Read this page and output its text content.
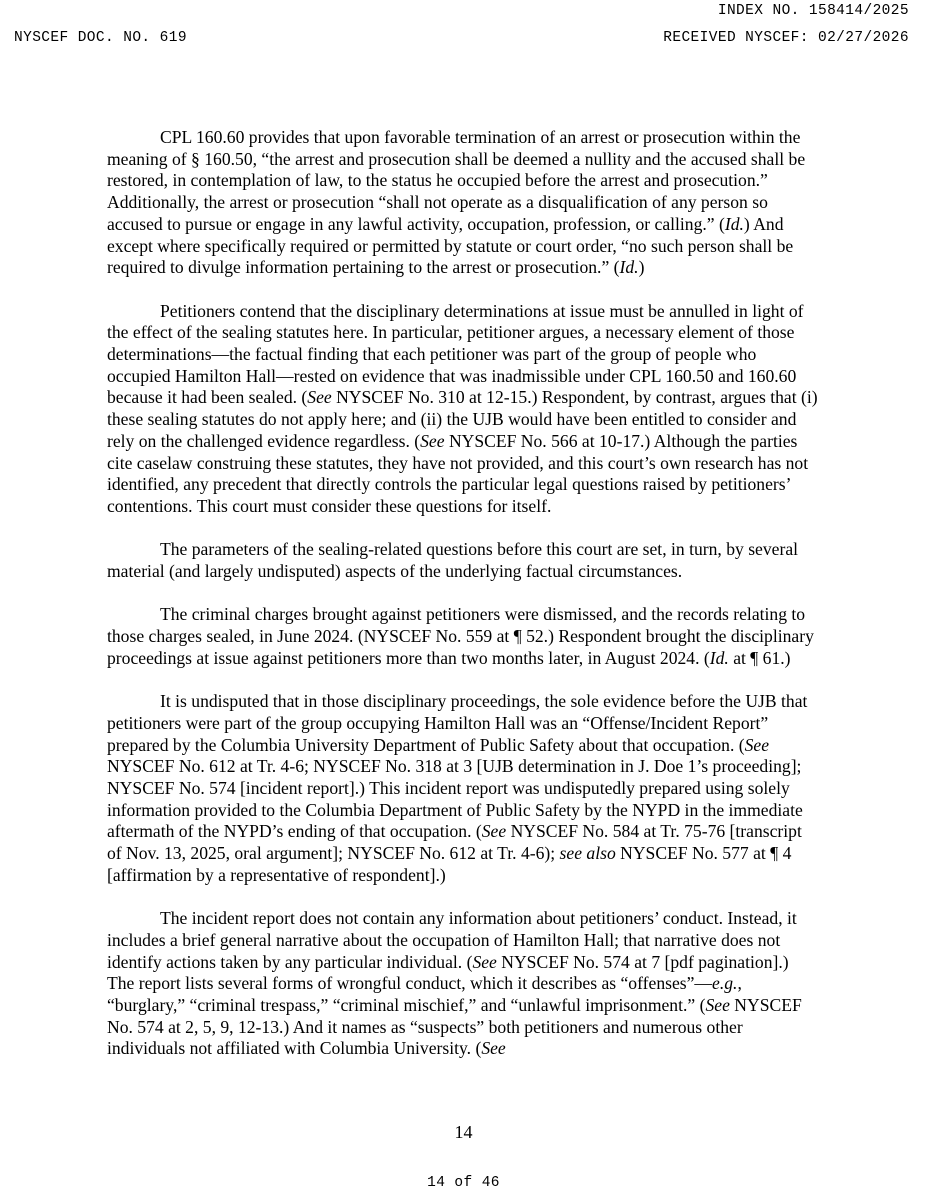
INDEX NO. 158414/2025
NYSCEF DOC. NO. 619	RECEIVED NYSCEF: 02/27/2026

CPL 160.60 provides that upon favorable termination of an arrest or prosecution within the meaning of § 160.50, “the arrest and prosecution shall be deemed a nullity and the accused shall be restored, in contemplation of law, to the status he occupied before the arrest and prosecution.” Additionally, the arrest or prosecution “shall not operate as a disqualification of any person so accused to pursue or engage in any lawful activity, occupation, profession, or calling.” (Id.) And except where specifically required or permitted by statute or court order, “no such person shall be required to divulge information pertaining to the arrest or prosecution.” (Id.)

Petitioners contend that the disciplinary determinations at issue must be annulled in light of the effect of the sealing statutes here. In particular, petitioner argues, a necessary element of those determinations—the factual finding that each petitioner was part of the group of people who occupied Hamilton Hall—rested on evidence that was inadmissible under CPL 160.50 and 160.60 because it had been sealed. (See NYSCEF No. 310 at 12-15.) Respondent, by contrast, argues that (i) these sealing statutes do not apply here; and (ii) the UJB would have been entitled to consider and rely on the challenged evidence regardless. (See NYSCEF No. 566 at 10-17.) Although the parties cite caselaw construing these statutes, they have not provided, and this court’s own research has not identified, any precedent that directly controls the particular legal questions raised by petitioners’ contentions. This court must consider these questions for itself.

The parameters of the sealing-related questions before this court are set, in turn, by several material (and largely undisputed) aspects of the underlying factual circumstances.

The criminal charges brought against petitioners were dismissed, and the records relating to those charges sealed, in June 2024. (NYSCEF No. 559 at ¶ 52.) Respondent brought the disciplinary proceedings at issue against petitioners more than two months later, in August 2024. (Id. at ¶ 61.)

It is undisputed that in those disciplinary proceedings, the sole evidence before the UJB that petitioners were part of the group occupying Hamilton Hall was an “Offense/Incident Report” prepared by the Columbia University Department of Public Safety about that occupation. (See NYSCEF No. 612 at Tr. 4-6; NYSCEF No. 318 at 3 [UJB determination in J. Doe 1’s proceeding]; NYSCEF No. 574 [incident report].) This incident report was undisputedly prepared using solely information provided to the Columbia Department of Public Safety by the NYPD in the immediate aftermath of the NYPD’s ending of that occupation. (See NYSCEF No. 584 at Tr. 75-76 [transcript of Nov. 13, 2025, oral argument]; NYSCEF No. 612 at Tr. 4-6); see also NYSCEF No. 577 at ¶ 4 [affirmation by a representative of respondent].)

The incident report does not contain any information about petitioners’ conduct. Instead, it includes a brief general narrative about the occupation of Hamilton Hall; that narrative does not identify actions taken by any particular individual. (See NYSCEF No. 574 at 7 [pdf pagination].) The report lists several forms of wrongful conduct, which it describes as “offenses”—e.g., “burglary,” “criminal trespass,” “criminal mischief,” and “unlawful imprisonment.” (See NYSCEF No. 574 at 2, 5, 9, 12-13.) And it names as “suspects” both petitioners and numerous other individuals not affiliated with Columbia University. (See

14
14 of 46
